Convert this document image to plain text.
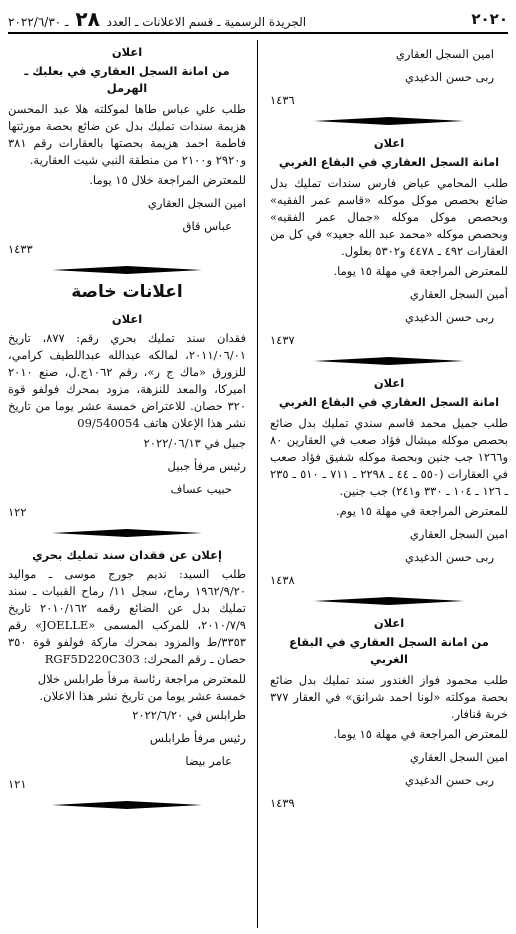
٢٠٢٠
الجريدة الرسمية ـ قسم الاعلانات ـ العدد ٢٨ ـ ٢٠٢٢/٦/٣٠
امين السجل العقاري
ربى حسن الدغيدي
١٤٣٦
اعلان
امانة السجل العقاري في البقاع الغربي
طلب المحامي عياض فارس سندات تمليك بدل ضائع بحصص موكل موكله «قاسم عمر الفقيه» وبحصص موكل موكله «جمال عمر الفقيه» وبحصص موكله «محمد عبد الله جعيد» في كل من العقارات ٤٩٢ ـ ٤٤٧٨ و٥٣٠٢ بعلول.
للمعترض المراجعة في مهلة ١٥ يوما.
أمين السجل العقاري
ربى حسن الدغيدي
١٤٣٧
اعلان
امانة السجل العقاري في البقاع الغربي
طلب جميل محمد قاسم سندي تمليك بدل ضائع بحصص موكله ميشال فؤاد صعب في العقارين ٨٠ و١٢٦٦ جب جنين وبحصة موكله شفيق فؤاد صعب في العقارات (٥٥٠ ـ ٤٤ ـ ٢٢٩٨ ـ ٧١١ ـ ٥١٠ ـ ٢٣٥ ـ ١٢٦ ـ ١٠٤ ـ ٣٣٠ و٢٤١) جب جنين.
للمعترض المراجعة في مهلة ١٥ يوم.
امين السجل العقاري
ربى حسن الدغيدي
١٤٣٨
اعلان
من امانة السجل العقاري في البقاع الغربي
طلب محمود فواز الغندور سند تمليك بدل ضائع بحصة موكلته «لونا احمد شرانق» في العقار ٣٧٧ خربة قنافار.
للمعترض المراجعة في مهلة ١٥ يوما.
امين السجل العقاري
ربى حسن الدغيدي
١٤٣٩
اعلان
من امانة السجل العقاري في بعلبك ـ الهرمل
طلب علي عباس طاها لموكلته هلا عبد المحسن هزيمة سندات تمليك بدل عن ضائع بحصة مورثتها فاطمة احمد هزيمة بحصتها بالعقارات رقم ٣٨١ و٢٩٢٠ و٢١٠٠ من منطقة النبي شيت العقارية.
للمعترض المراجعة خلال ١٥ يوما.
امين السجل العقاري
عباس قاق
١٤٣٣
اعلانات خاصة
اعلان
فقدان سند تمليك بحري رقم: ٨٧٧، تاريخ ٢٠١١/٠٦/٠١، لمالكه عبدالله عبداللطيف كرامي، للزورق «ماك ج ر»، رقم ١٠٦٢ج.ل، صنع ٢٠١٠ اميركا، والمعد للنزهة، مزود بمحرك فولفو قوة ٣٢٠ حصان. للاعتراض خمسة عشر يوما من تاريخ نشر هذا الإعلان هاتف 09/540054
جبيل في ٢٠٢٢/٠٦/١٣
رئيس مرفأ جبيل
حبيب عساف
١٢٢
إعلان عن فقدان سند تمليك بحري
طلب السيد: نديم جورج موسى ـ مواليد ١٩٦٢/٩/٢٠ رماح، سجل ١١/ رماح القبيات ـ سند تمليك بدل عن الضائع رقمه ٢٠١٠/١٦٢ تاريخ ٢٠١٠/٧/٩، للمركب المسمى «JOELLE» رقم ٣٣٥٣/ط والمزود بمحرك ماركة فولفو قوة ٣٥٠ حصان ـ رقم المحرك: RGF5D220C303
للمعترض مراجعة رئاسة مرفأ طرابلس خلال خمسة عشر يوما من تاريخ نشر هذا الاعلان.
طرابلس في ٢٠٢٢/٦/٢٠
رئيس مرفأ طرابلس
عامر بيضا
١٢١
